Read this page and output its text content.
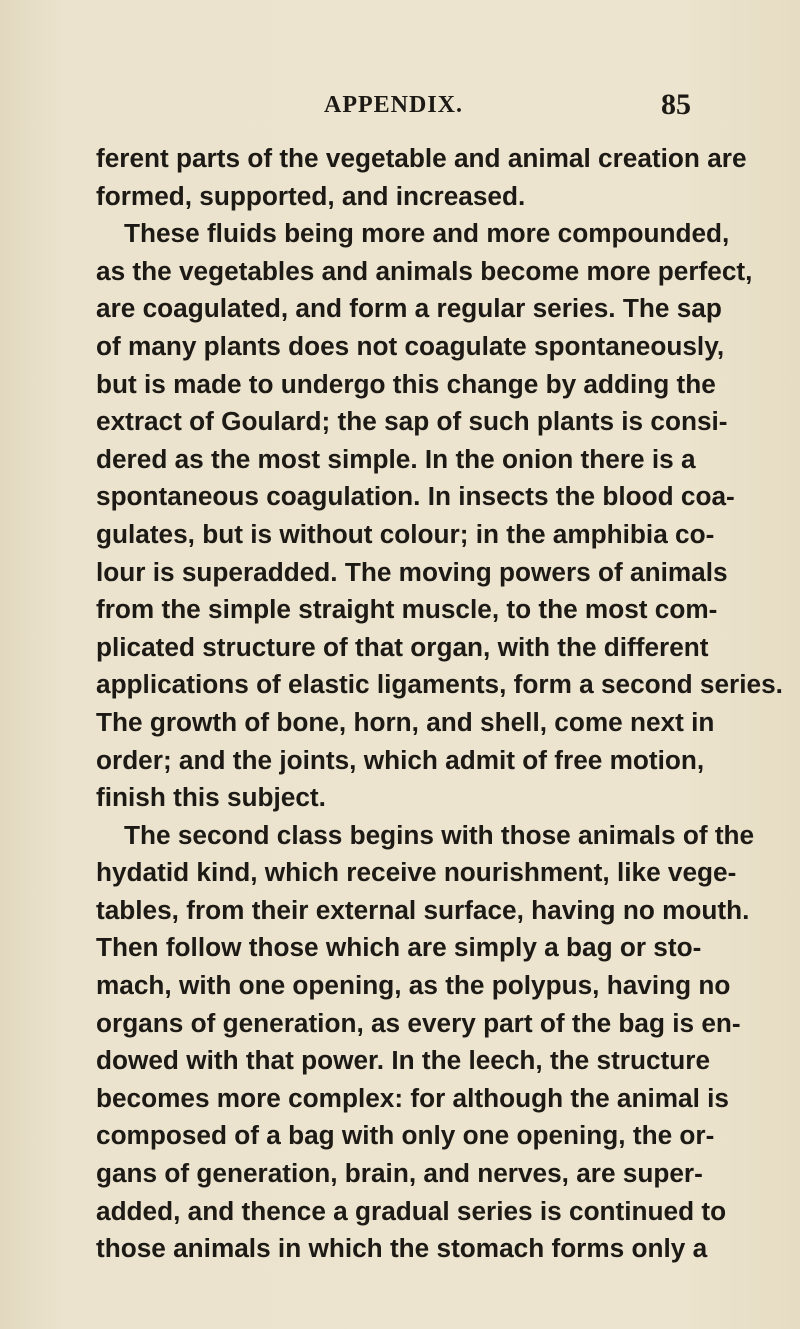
APPENDIX.	85
ferent parts of the vegetable and animal creation are
formed, supported, and increased.
These fluids being more and more compounded,
as the vegetables and animals become more perfect,
are coagulated, and form a regular series. The sap
of many plants does not coagulate spontaneously,
but is made to undergo this change by adding the
extract of Goulard; the sap of such plants is consi-
dered as the most simple. In the onion there is a
spontaneous coagulation. In insects the blood coa-
gulates, but is without colour; in the amphibia co-
lour is superadded. The moving powers of animals
from the simple straight muscle, to the most com-
plicated structure of that organ, with the different
applications of elastic ligaments, form a second series.
The growth of bone, horn, and shell, come next in
order; and the joints, which admit of free motion,
finish this subject.
The second class begins with those animals of the
hydatid kind, which receive nourishment, like vege-
tables, from their external surface, having no mouth.
Then follow those which are simply a bag or sto-
mach, with one opening, as the polypus, having no
organs of generation, as every part of the bag is en-
dowed with that power. In the leech, the structure
becomes more complex: for although the animal is
composed of a bag with only one opening, the or-
gans of generation, brain, and nerves, are super-
added, and thence a gradual series is continued to
those animals in which the stomach forms only a
